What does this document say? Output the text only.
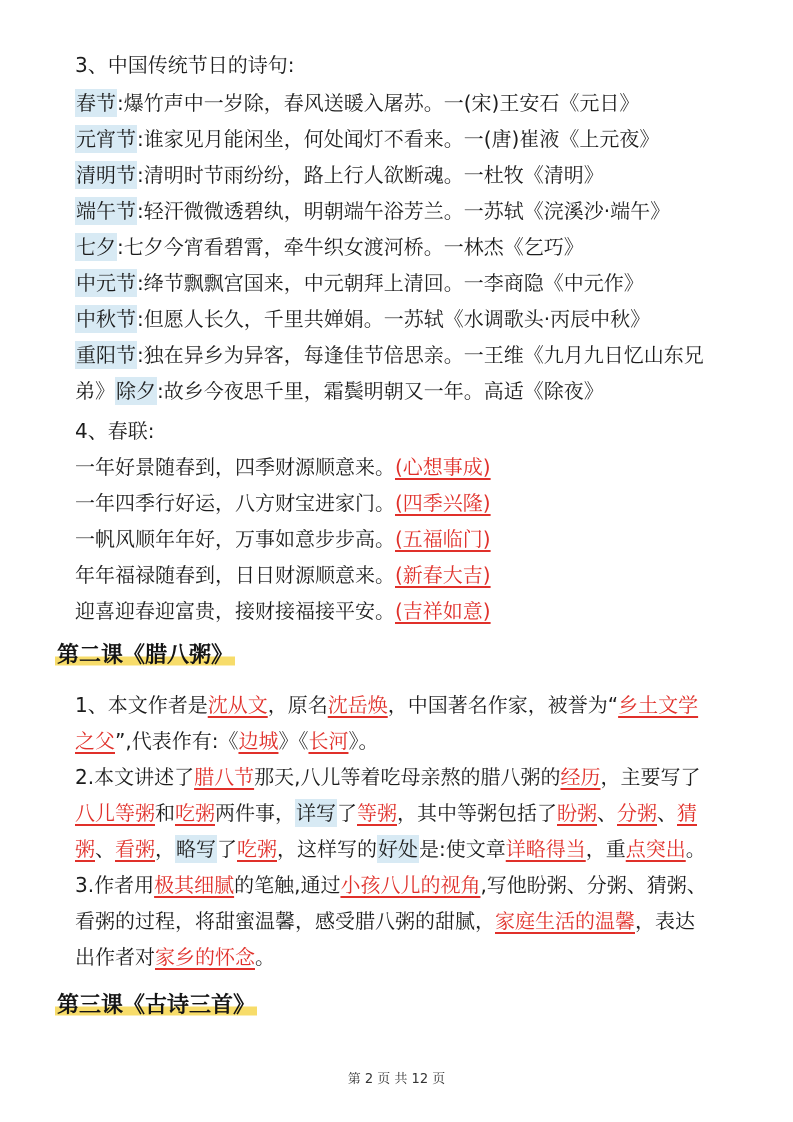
3、中国传统节日的诗句:
春节:爆竹声中一岁除，春风送暖入屠苏。一(宋)王安石《元日》
元宵节:谁家见月能闲坐，何处闻灯不看来。一(唐)崔液《上元夜》
清明节:清明时节雨纷纷，路上行人欲断魂。一杜牧《清明》
端午节:轻汗微微透碧纨，明朝端午浴芳兰。一苏轼《浣溪沙·端午》
七夕:七夕今宵看碧霄，牵牛织女渡河桥。一林杰《乞巧》
中元节:绛节飘飘宫国来，中元朝拜上清回。一李商隐《中元作》
中秋节:但愿人长久，千里共婵娟。一苏轼《水调歌头·丙辰中秋》
重阳节:独在异乡为异客，每逢佳节倍思亲。一王维《九月九日忆山东兄
弟》除夕:故乡今夜思千里，霜鬓明朝又一年。高适《除夜》
4、春联:
一年好景随春到，四季财源顺意来。(心想事成)
一年四季行好运，八方财宝进家门。(四季兴隆)
一帆风顺年年好，万事如意步步高。(五福临门)
年年福禄随春到，日日财源顺意来。(新春大吉)
迎喜迎春迎富贵，接财接福接平安。(吉祥如意)
第二课《腊八粥》
1、本文作者是沈从文，原名沈岳焕，中国著名作家，被誉为“乡土文学
之父”,代表作有:《边城》《长河》。
2.本文讲述了腊八节那天,八儿等着吃母亲熬的腊八粥的经历，主要写了
八儿等粥和吃粥两件事，详写了等粥，其中等粥包括了盼粥、分粥、猜
粥、看粥，略写了吃粥，这样写的好处是:使文章详略得当，重点突出。
3.作者用极其细腻的笔触,通过小孩八儿的视角,写他盼粥、分粥、猜粥、
看粥的过程，将甜蜜温馨，感受腊八粥的甜腻，家庭生活的温馨，表达
出作者对家乡的怀念。
第三课《古诗三首》
第 2 页 共 12 页
